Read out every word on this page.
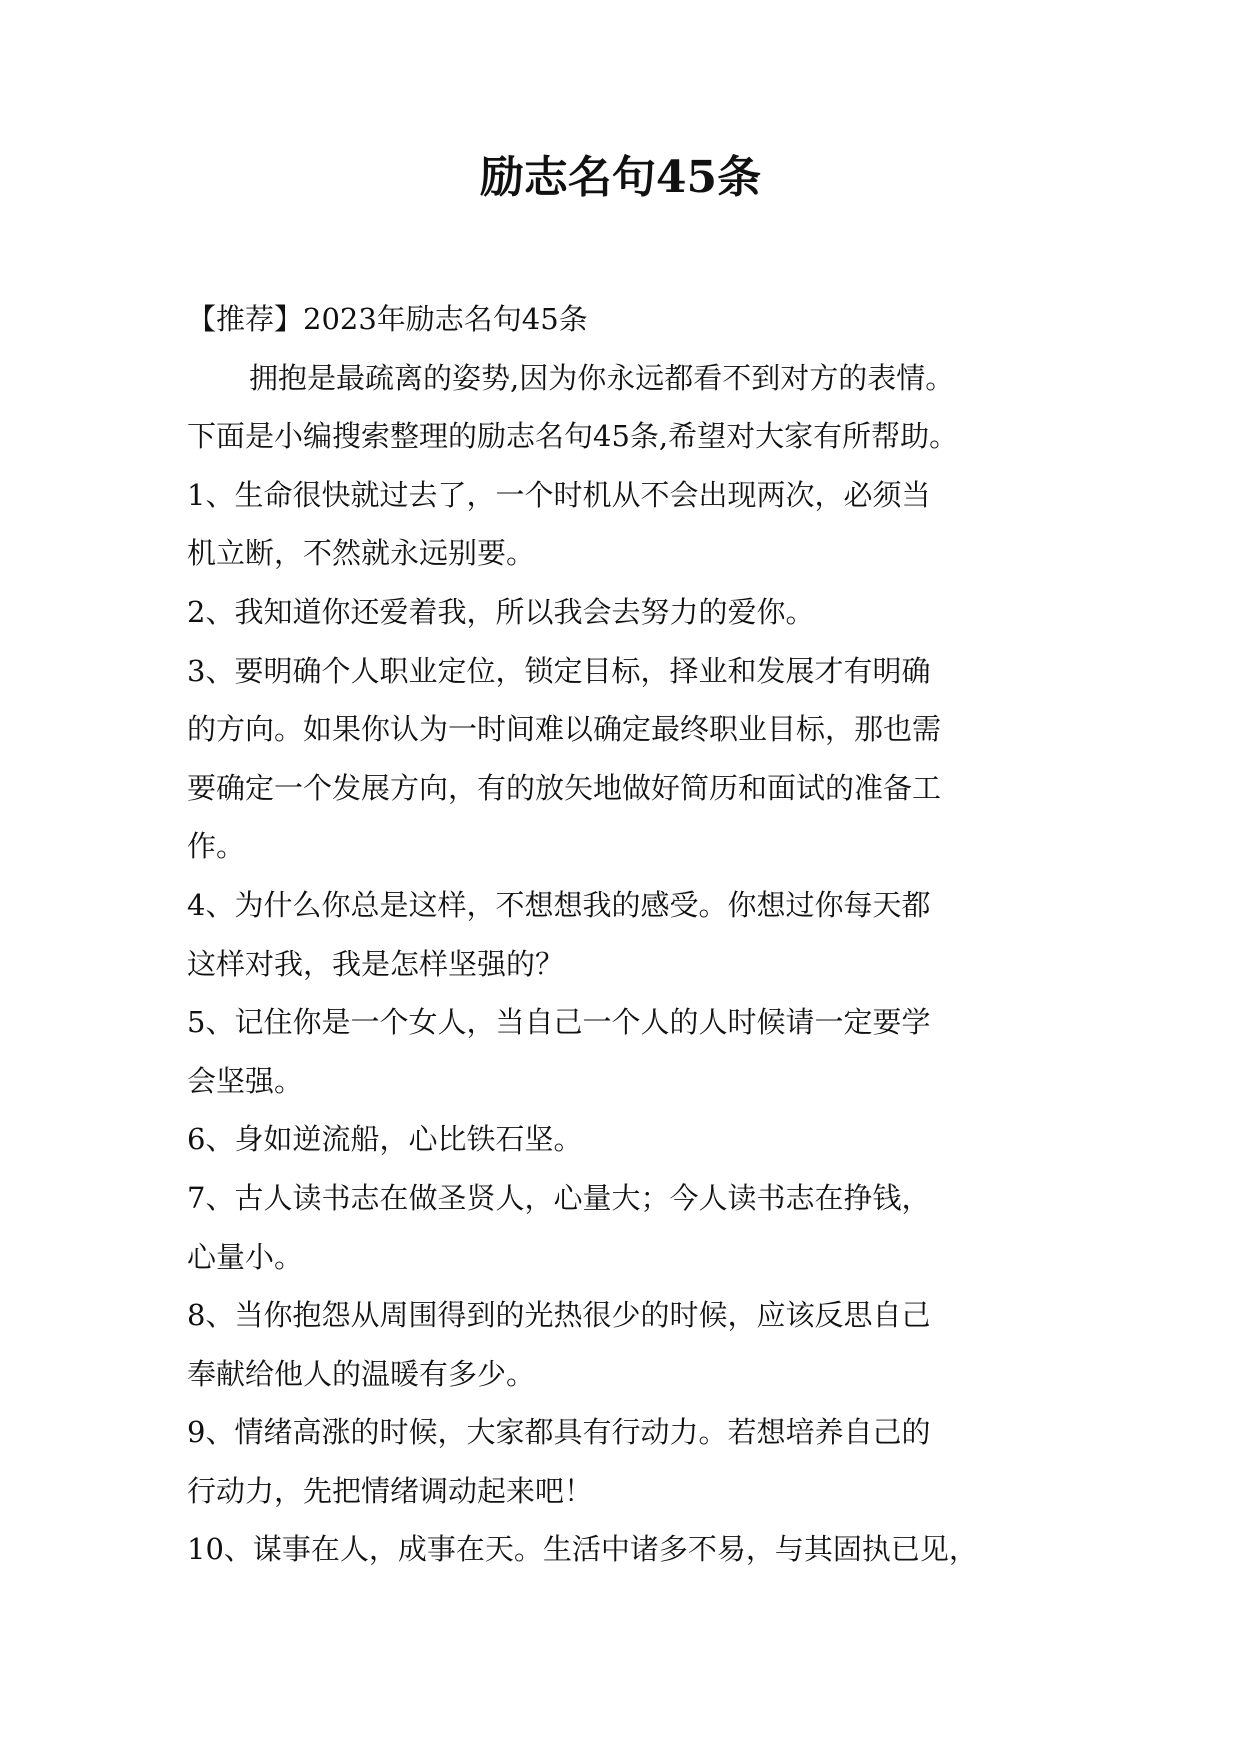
励志名句45条

【推荐】2023年励志名句45条

拥抱是最疏离的姿势,因为你永远都看不到对方的表情。

下面是小编搜索整理的励志名句45条,希望对大家有所帮助。

1、生命很快就过去了，一个时机从不会出现两次，必须当

机立断，不然就永远别要。

2、我知道你还爱着我，所以我会去努力的爱你。

3、要明确个人职业定位，锁定目标，择业和发展才有明确

的方向。如果你认为一时间难以确定最终职业目标，那也需

要确定一个发展方向，有的放矢地做好简历和面试的准备工

作。

4、为什么你总是这样，不想想我的感受。你想过你每天都

这样对我，我是怎样坚强的？

5、记住你是一个女人，当自己一个人的人时候请一定要学

会坚强。

6、身如逆流船，心比铁石坚。

7、古人读书志在做圣贤人，心量大；今人读书志在挣钱，

心量小。

8、当你抱怨从周围得到的光热很少的时候，应该反思自己

奉献给他人的温暖有多少。

9、情绪高涨的时候，大家都具有行动力。若想培养自己的

行动力，先把情绪调动起来吧！

10、谋事在人，成事在天。生活中诸多不易，与其固执已见，
